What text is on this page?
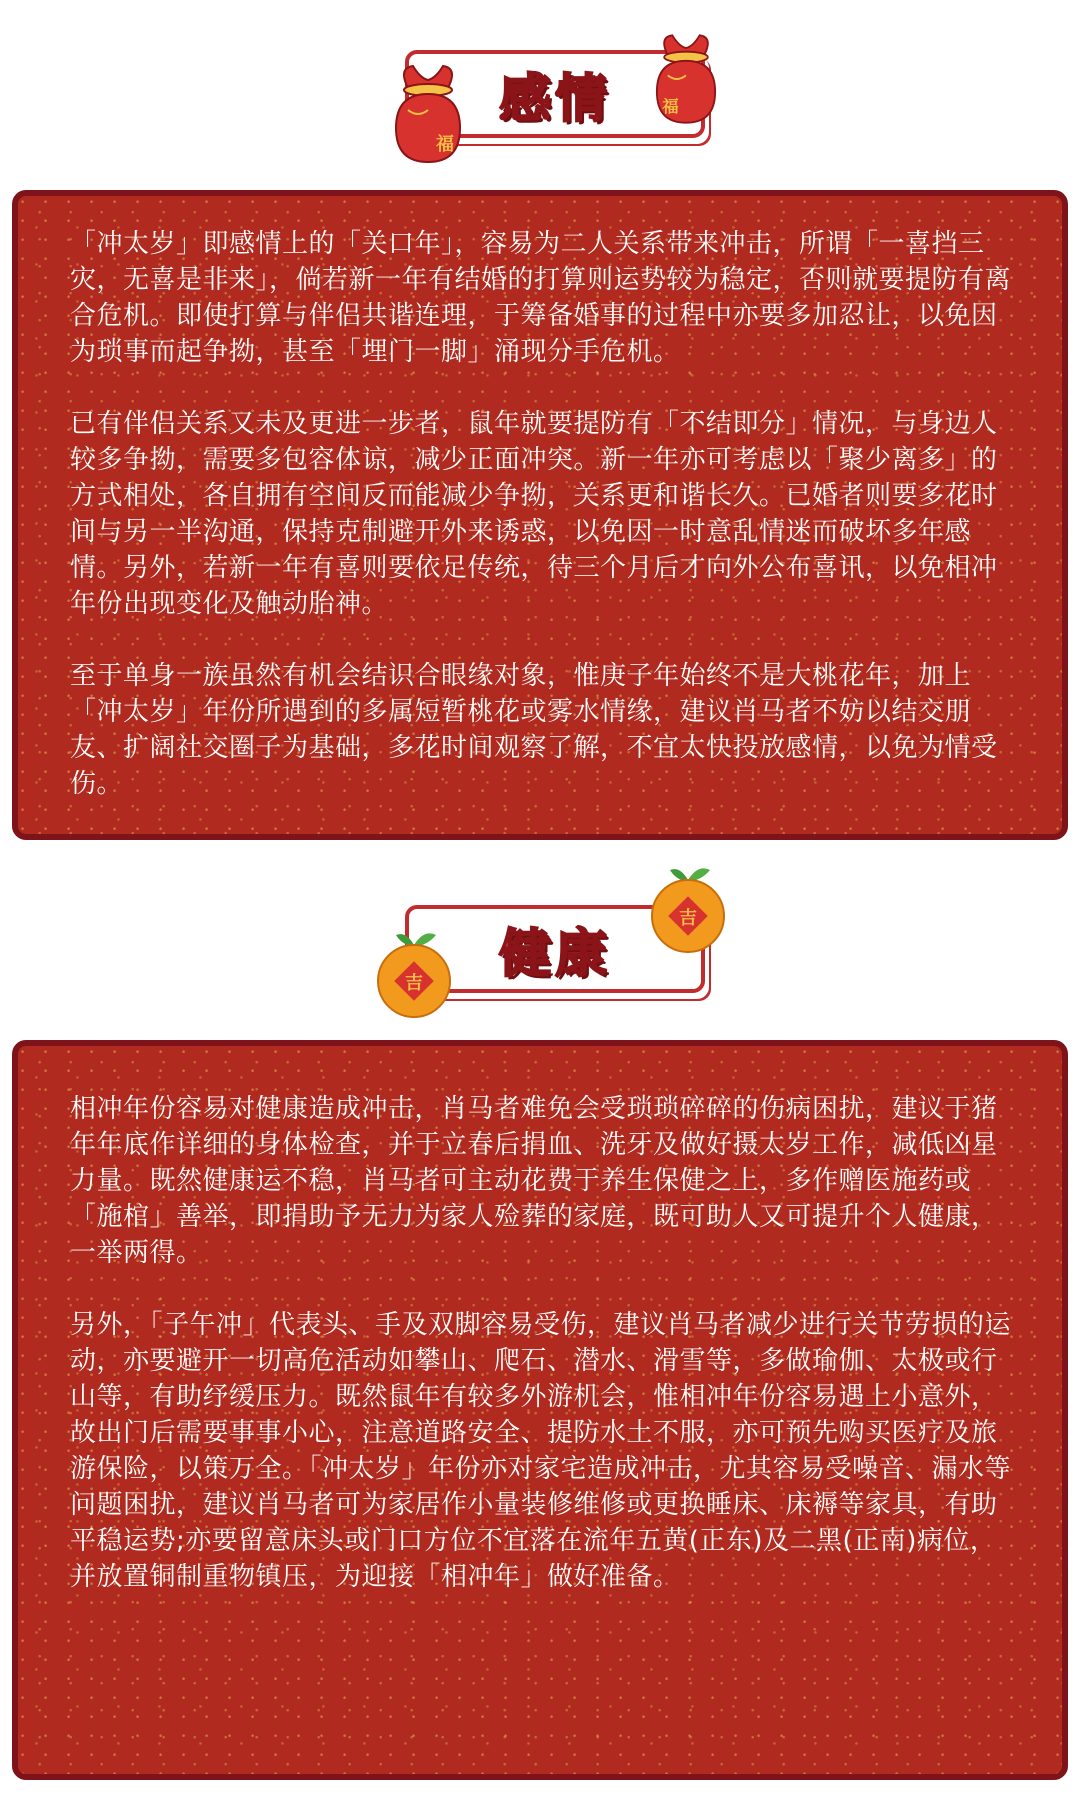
感情
福
福

「冲太岁」即感情上的「关口年」，容易为二人关系带来冲击，所谓「一喜挡三灾，无喜是非来」，倘若新一年有结婚的打算则运势较为稳定，否则就要提防有离合危机。即使打算与伴侣共谐连理，于筹备婚事的过程中亦要多加忍让，以免因为琐事而起争拗，甚至「埋门一脚」涌现分手危机。

已有伴侣关系又未及更进一步者，鼠年就要提防有「不结即分」情况，与身边人较多争拗，需要多包容体谅，减少正面冲突。新一年亦可考虑以「聚少离多」的方式相处，各自拥有空间反而能减少争拗，关系更和谐长久。已婚者则要多花时间与另一半沟通，保持克制避开外来诱惑，以免因一时意乱情迷而破坏多年感情。另外，若新一年有喜则要依足传统，待三个月后才向外公布喜讯，以免相冲年份出现变化及触动胎神。

至于单身一族虽然有机会结识合眼缘对象，惟庚子年始终不是大桃花年，加上「冲太岁」年份所遇到的多属短暂桃花或雾水情缘，建议肖马者不妨以结交朋友、扩阔社交圈子为基础，多花时间观察了解，不宜太快投放感情，以免为情受伤。

健康
吉
吉

相冲年份容易对健康造成冲击，肖马者难免会受琐琐碎碎的伤病困扰，建议于猪年年底作详细的身体检查，并于立春后捐血、洗牙及做好摄太岁工作，减低凶星力量。既然健康运不稳，肖马者可主动花费于养生保健之上，多作赠医施药或「施棺」善举，即捐助予无力为家人殓葬的家庭，既可助人又可提升个人健康，一举两得。

另外，「子午冲」代表头、手及双脚容易受伤，建议肖马者减少进行关节劳损的运动，亦要避开一切高危活动如攀山、爬石、潜水、滑雪等，多做瑜伽、太极或行山等，有助纾缓压力。既然鼠年有较多外游机会，惟相冲年份容易遇上小意外，故出门后需要事事小心，注意道路安全、提防水土不服，亦可预先购买医疗及旅游保险，以策万全。「冲太岁」年份亦对家宅造成冲击，尤其容易受噪音、漏水等问题困扰，建议肖马者可为家居作小量装修维修或更换睡床、床褥等家具，有助平稳运势;亦要留意床头或门口方位不宜落在流年五黄(正东)及二黑(正南)病位，并放置铜制重物镇压，为迎接「相冲年」做好准备。
